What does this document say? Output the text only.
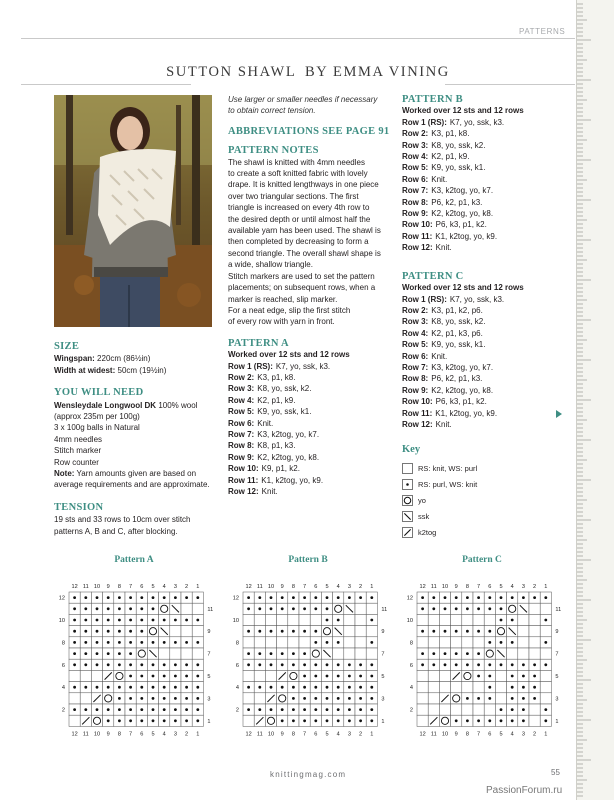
PATTERNS
SUTTON SHAWL BY EMMA VINING
SIZE
Wingspan: 220cm (86½in)
Width at widest: 50cm (19½in)
YOU WILL NEED
Wensleydale Longwool DK 100% wool
(approx 235m per 100g)
3 x 100g balls in Natural
4mm needles
Stitch marker
Row counter
Note: Yarn amounts given are based on
average requirements and are approximate.
TENSION
19 sts and 33 rows to 10cm over stitch
patterns A, B and C, after blocking.
Use larger or smaller needles if necessary
to obtain correct tension.
ABBREVIATIONS SEE PAGE 91
PATTERN NOTES
The shawl is knitted with 4mm needles
to create a soft knitted fabric with lovely
drape. It is knitted lengthways in one piece
over two triangular sections. The first
triangle is increased on every 4th row to
the desired depth or until almost half the
available yarn has been used. The shawl is
then completed by decreasing to form a
second triangle. The overall shawl shape is
a wide, shallow triangle.
Stitch markers are used to set the pattern
placements; on subsequent rows, when a
marker is reached, slip marker.
For a neat edge, slip the first stitch
of every row with yarn in front.
PATTERN A
Worked over 12 sts and 12 rows
Row 1 (RS): K7, yo, ssk, k3.
Row 2: K3, p1, k8.
Row 3: K8, yo, ssk, k2.
Row 4: K2, p1, k9.
Row 5: K9, yo, ssk, k1.
Row 6: Knit.
Row 7: K3, k2tog, yo, k7.
Row 8: K8, p1, k3.
Row 9: K2, k2tog, yo, k8.
Row 10: K9, p1, k2.
Row 11: K1, k2tog, yo, k9.
Row 12: Knit.
PATTERN B
Worked over 12 sts and 12 rows
Row 1 (RS): K7, yo, ssk, k3.
Row 2: K3, p1, k8.
Row 3: K8, yo, ssk, k2.
Row 4: K2, p1, k9.
Row 5: K9, yo, ssk, k1.
Row 6: Knit.
Row 7: K3, k2tog, yo, k7.
Row 8: P6, k2, p1, k3.
Row 9: K2, k2tog, yo, k8.
Row 10: P6, k3, p1, k2.
Row 11: K1, k2tog, yo, k9.
Row 12: Knit.
PATTERN C
Worked over 12 sts and 12 rows
Row 1 (RS): K7, yo, ssk, k3.
Row 2: K3, p1, k2, p6.
Row 3: K8, yo, ssk, k2.
Row 4: K2, p1, k3, p6.
Row 5: K9, yo, ssk, k1.
Row 6: Knit.
Row 7: K3, k2tog, yo, k7.
Row 8: P6, k2, p1, k3.
Row 9: K2, k2tog, yo, k8.
Row 10: P6, k3, p1, k2.
Row 11: K1, k2tog, yo, k9.
Row 12: Knit.
Key
RS: knit, WS: purl
RS: purl, WS: knit
yo
ssk
k2tog
Pattern A	Pattern B	Pattern C
12
12
11
11
10
10
9
9
8
8
7
7
6
6
5
5
4
4
3
3
2
2
1
1
12
10
8
6
4
2
11
9
7
5
3
1
12
12
11
11
10
10
9
9
8
8
7
7
6
6
5
5
4
4
3
3
2
2
1
1
12
10
8
6
4
2
11
9
7
5
3
1
12
12
11
11
10
10
9
9
8
8
7
7
6
6
5
5
4
4
3
3
2
2
1
1
12
10
8
6
4
2
11
9
7
5
3
1
knittingmag.com	55
PassionForum.ru
